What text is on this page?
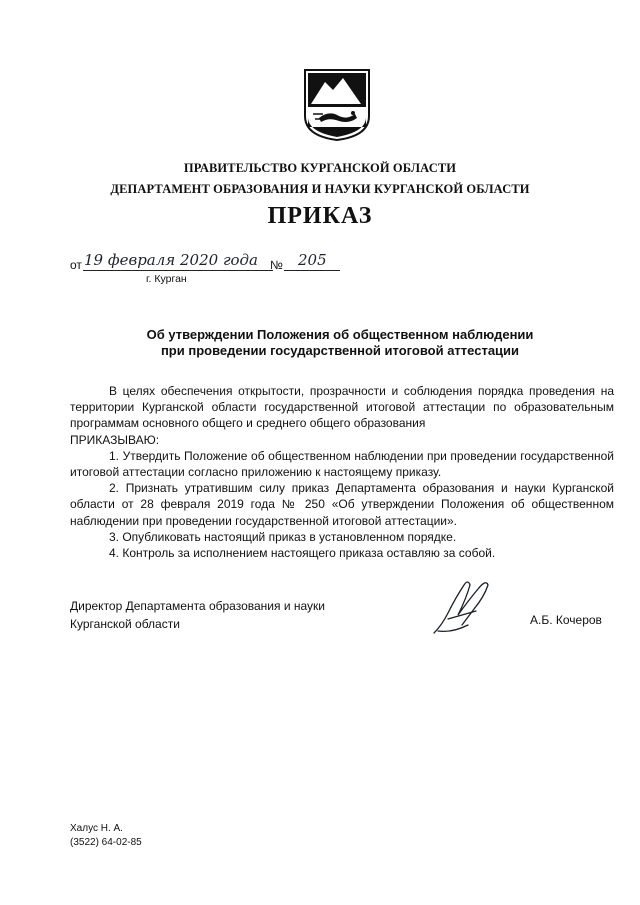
ПРАВИТЕЛЬСТВО КУРГАНСКОЙ ОБЛАСТИ
ДЕПАРТАМЕНТ ОБРАЗОВАНИЯ И НАУКИ КУРГАНСКОЙ ОБЛАСТИ
ПРИКАЗ
от 19 февраля 2020 года № 205
г. Курган
Об утверждении Положения об общественном наблюдении
при проведении государственной итоговой аттестации

В целях обеспечения открытости, прозрачности и соблюдения порядка проведения на территории Курганской области государственной итоговой аттестации по образовательным программам основного общего и среднего общего образования

ПРИКАЗЫВАЮ:

1. Утвердить Положение об общественном наблюдении при проведении государственной итоговой аттестации согласно приложению к настоящему приказу.

2. Признать утратившим силу приказ Департамента образования и науки Курганской области от 28 февраля 2019 года № 250 «Об утверждении Положения об общественном наблюдении при проведении государственной итоговой аттестации».

3. Опубликовать настоящий приказ в установленном порядке.

4. Контроль за исполнением настоящего приказа оставляю за собой.

Директор Департамента образования и науки
Курганской области	А.Б. Кочеров
Халус Н. А.
(3522) 64-02-85
